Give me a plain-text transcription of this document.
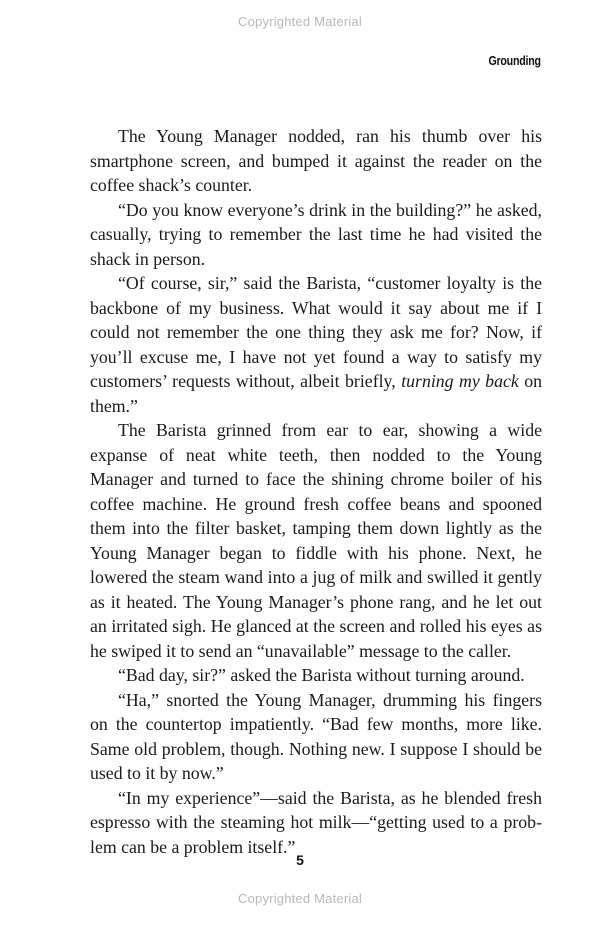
Copyrighted Material
Grounding

The Young Manager nodded, ran his thumb over his smartphone screen, and bumped it against the reader on the coffee shack’s counter.

“Do you know everyone’s drink in the building?” he asked, casually, trying to remember the last time he had visited the shack in person.

“Of course, sir,” said the Barista, “customer loyalty is the backbone of my business. What would it say about me if I could not remember the one thing they ask me for? Now, if you’ll excuse me, I have not yet found a way to satisfy my customers’ requests without, albeit briefly, turning my back on them.”

The Barista grinned from ear to ear, showing a wide expanse of neat white teeth, then nodded to the Young Manager and turned to face the shining chrome boiler of his coffee machine. He ground fresh coffee beans and spooned them into the filter basket, tamping them down lightly as the Young Manager began to fiddle with his phone. Next, he lowered the steam wand into a jug of milk and swilled it gently as it heated. The Young Manager’s phone rang, and he let out an irritated sigh. He glanced at the screen and rolled his eyes as he swiped it to send an “unavailable” message to the caller.

“Bad day, sir?” asked the Barista without turning around.

“Ha,” snorted the Young Manager, drumming his fingers on the countertop impatiently. “Bad few months, more like. Same old problem, though. Nothing new. I suppose I should be used to it by now.”

“In my experience”—said the Barista, as he blended fresh espresso with the steaming hot milk—“getting used to a problem can be a problem itself.”

5
Copyrighted Material
